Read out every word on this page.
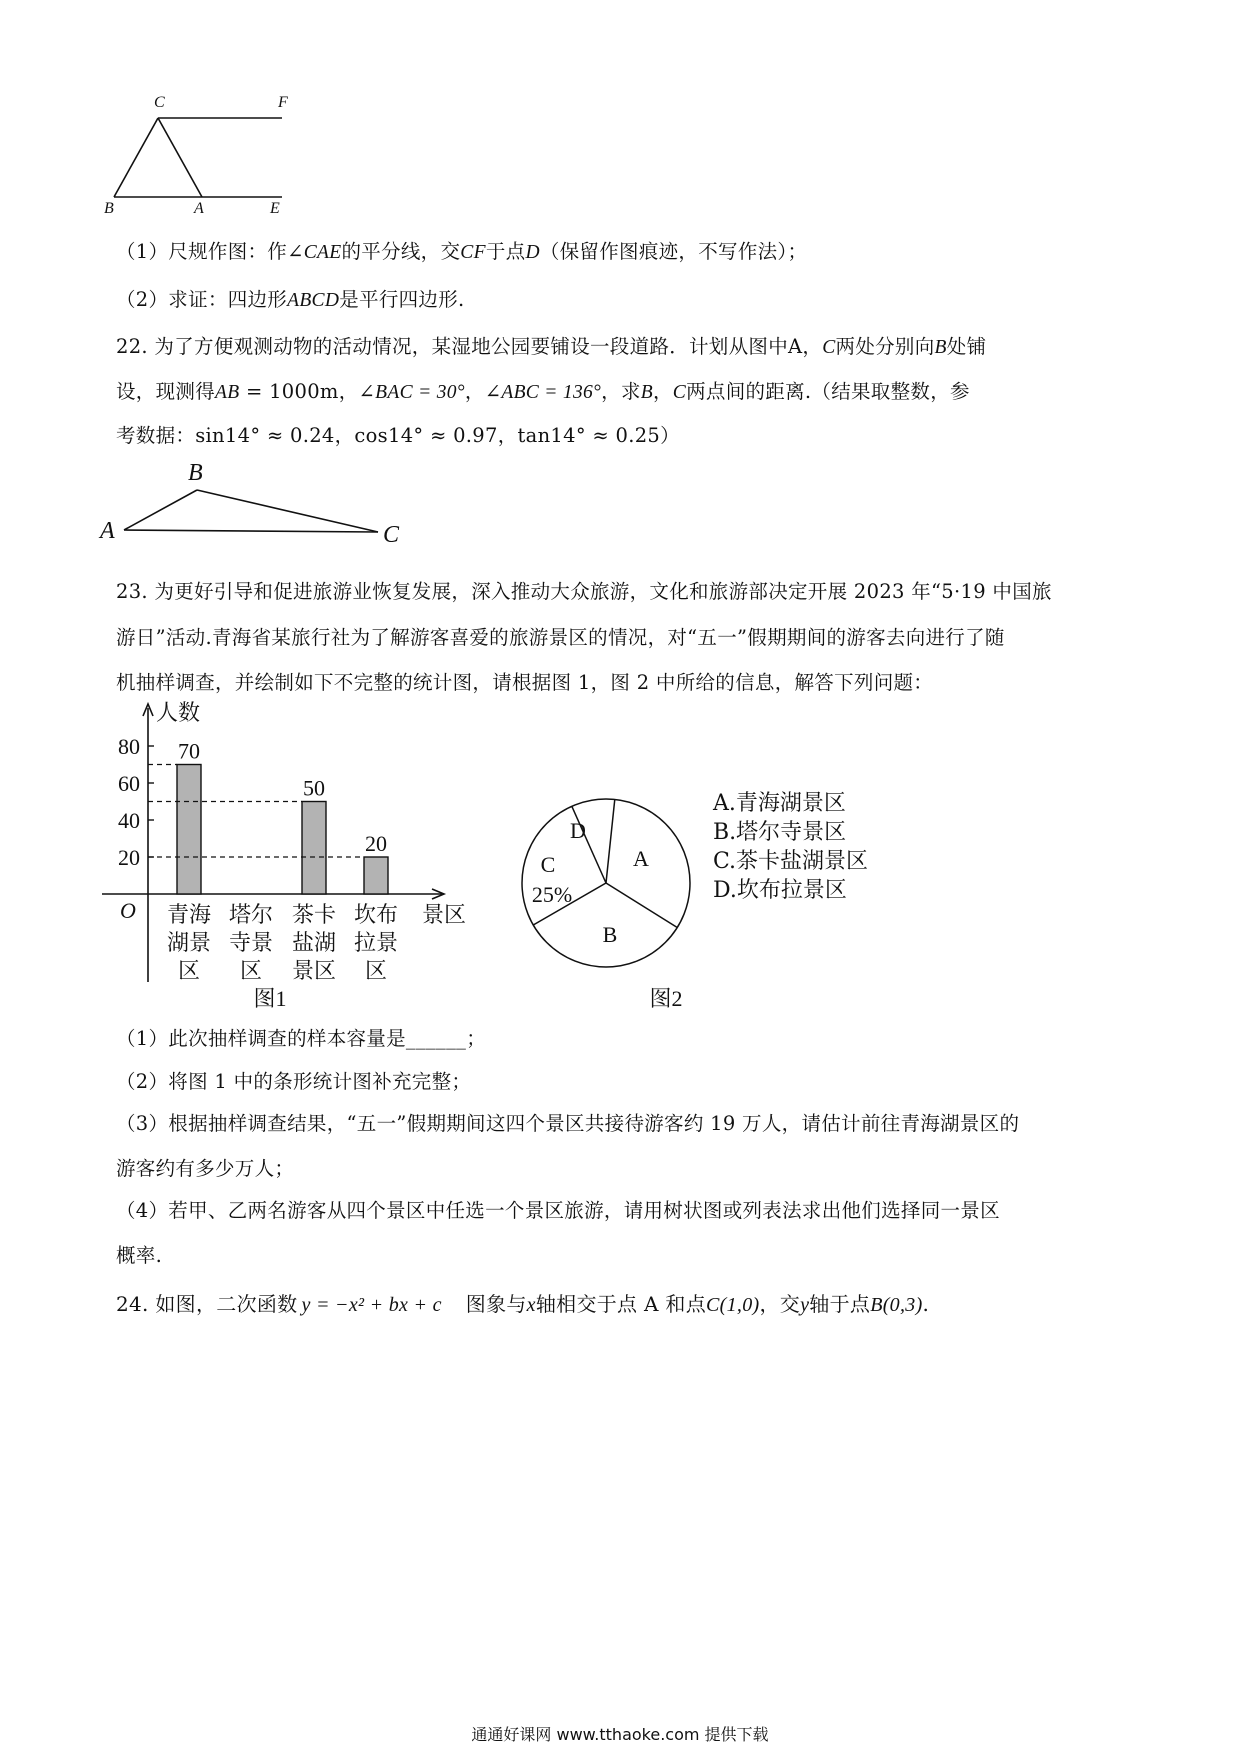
C	F
B	A	E
（1）尺规作图：作∠CAE的平分线，交CF于点D（保留作图痕迹，不写作法）；
（2）求证：四边形ABCD是平行四边形.
22. 为了方便观测动物的活动情况，某湿地公园要铺设一段道路．计划从图中A，C两处分别向B处铺
设，现测得AB = 1000m，∠BAC = 30°，∠ABC = 136°，求B，C两点间的距离.（结果取整数，参
考数据：sin14° ≈ 0.24，cos14° ≈ 0.97，tan14° ≈ 0.25）
A
B
C
23. 为更好引导和促进旅游业恢复发展，深入推动大众旅游，文化和旅游部决定开展 2023 年“5·19 中国旅
游日”活动.青海省某旅行社为了解游客喜爱的旅游景区的情况，对“五一”假期期间的游客去向进行了随
机抽样调查，并绘制如下不完整的统计图，请根据图 1，图 2 中所给的信息，解答下列问题：
人数
景区
O
20
40
60
80 70
青海
湖景
区
塔尔
寺景
区
50
茶卡
盐湖
景区
20
坎布
拉景
区
图1
A
B
C
25%
D
图2
A.青海湖景区
B.塔尔寺景区
C.茶卡盐湖景区
D.坎布拉景区
（1）此次抽样调查的样本容量是______；
（2）将图 1 中的条形统计图补充完整；
（3）根据抽样调查结果，“五一”假期期间这四个景区共接待游客约 19 万人，请估计前往青海湖景区的
游客约有多少万人；
（4）若甲、乙两名游客从四个景区中任选一个景区旅游，请用树状图或列表法求出他们选择同一景区
概率.
24. 如图，二次函数 y = −x² + bx + c 图象与x轴相交于点 A 和点C(1,0)，交y轴于点B(0,3).
通通好课网 www.tthaoke.com 提供下载
